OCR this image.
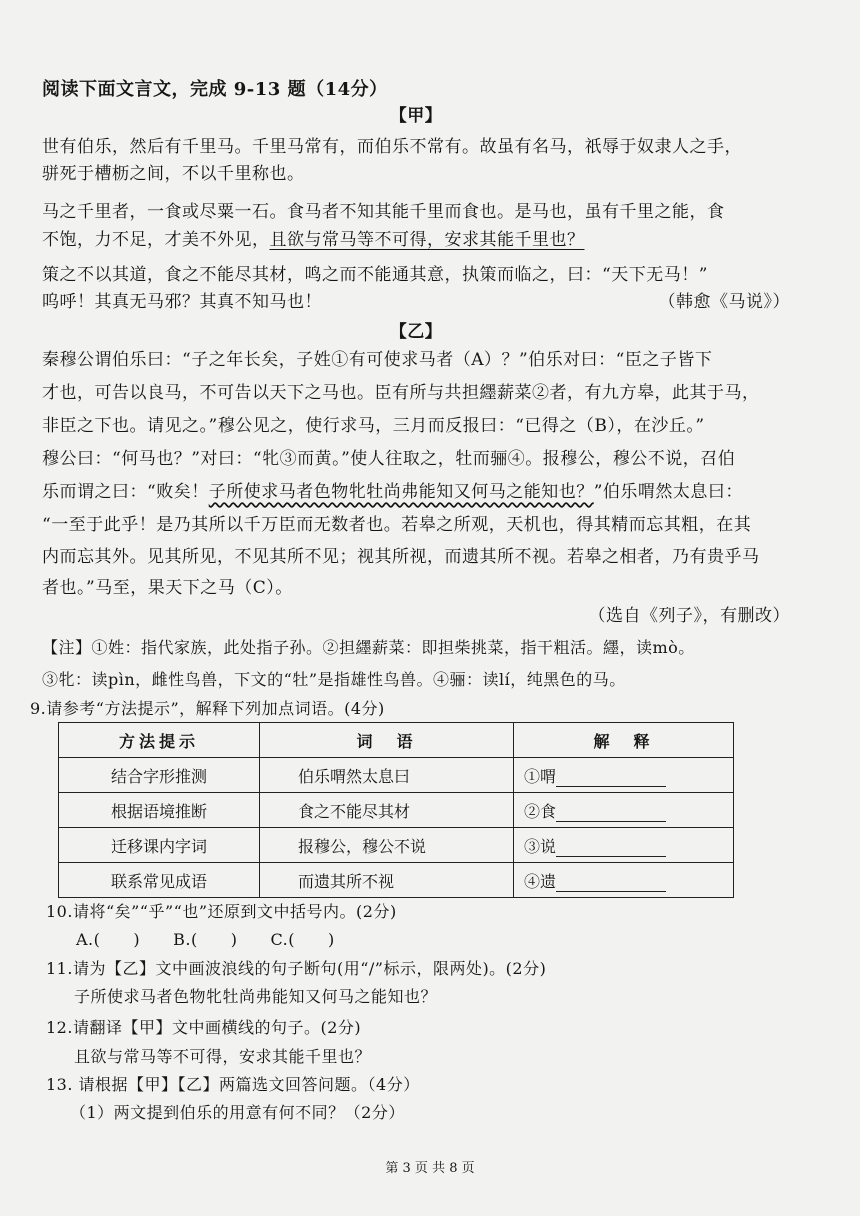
阅读下面文言文，完成 9-13 题（14分）
【甲】
世有伯乐，然后有千里马。千里马常有，而伯乐不常有。故虽有名马，祇辱于奴隶人之手，
骈死于槽枥之间，不以千里称也。
马之千里者，一食或尽粟一石。食马者不知其能千里而食也。是马也，虽有千里之能，食
不饱，力不足，才美不外见，且欲与常马等不可得，安求其能千里也？
策之不以其道，食之不能尽其材，鸣之而不能通其意，执策而临之，曰：“天下无马！”
呜呼！其真无马邪？其真不知马也！	（韩愈《马说》）
【乙】
秦穆公谓伯乐曰：“子之年长矣，子姓①有可使求马者（A）？”伯乐对曰：“臣之子皆下
才也，可告以良马，不可告以天下之马也。臣有所与共担纆薪菜②者，有九方皋，此其于马，
非臣之下也。请见之。”穆公见之，使行求马，三月而反报曰：“已得之（B），在沙丘。”
穆公曰：“何马也？”对曰：“牝③而黄。”使人往取之，牡而骊④。报穆公，穆公不说，召伯
乐而谓之曰：“败矣！子所使求马者色物牝牡尚弗能知又何马之能知也？”伯乐喟然太息曰：
“一至于此乎！是乃其所以千万臣而无数者也。若皋之所观，天机也，得其精而忘其粗，在其
内而忘其外。见其所见，不见其所不见；视其所视，而遗其所不视。若皋之相者，乃有贵乎马
者也。”马至，果天下之马（C）。
（选自《列子》，有删改）
【注】①姓：指代家族，此处指子孙。②担纆薪菜：即担柴挑菜，指干粗活。纆，读mò。
③牝：读pìn，雌性鸟兽，下文的“牡”是指雄性鸟兽。④骊：读lí，纯黑色的马。
9.请参考“方法提示”，解释下列加点词语。(4分)
方法提示	词　语	解　释
结合字形推测	伯乐喟然太息曰	①喟
根据语境推断	食之不能尽其材	②食
迁移课内字词	报穆公，穆公不说	③说
联系常见成语	而遗其所不视	④遗
10.请将“矣”“乎”“也”还原到文中括号内。(2分)
A.(　　)　　B.(　　)　　C.(　　)
11.请为【乙】文中画波浪线的句子断句(用“/”标示，限两处)。(2分)
子所使求马者色物牝牡尚弗能知又何马之能知也？
12.请翻译【甲】文中画横线的句子。(2分)
且欲与常马等不可得，安求其能千里也？
13. 请根据【甲】【乙】两篇选文回答问题。（4分）
（1）两文提到伯乐的用意有何不同？（2分）
第 3 页 共 8 页
